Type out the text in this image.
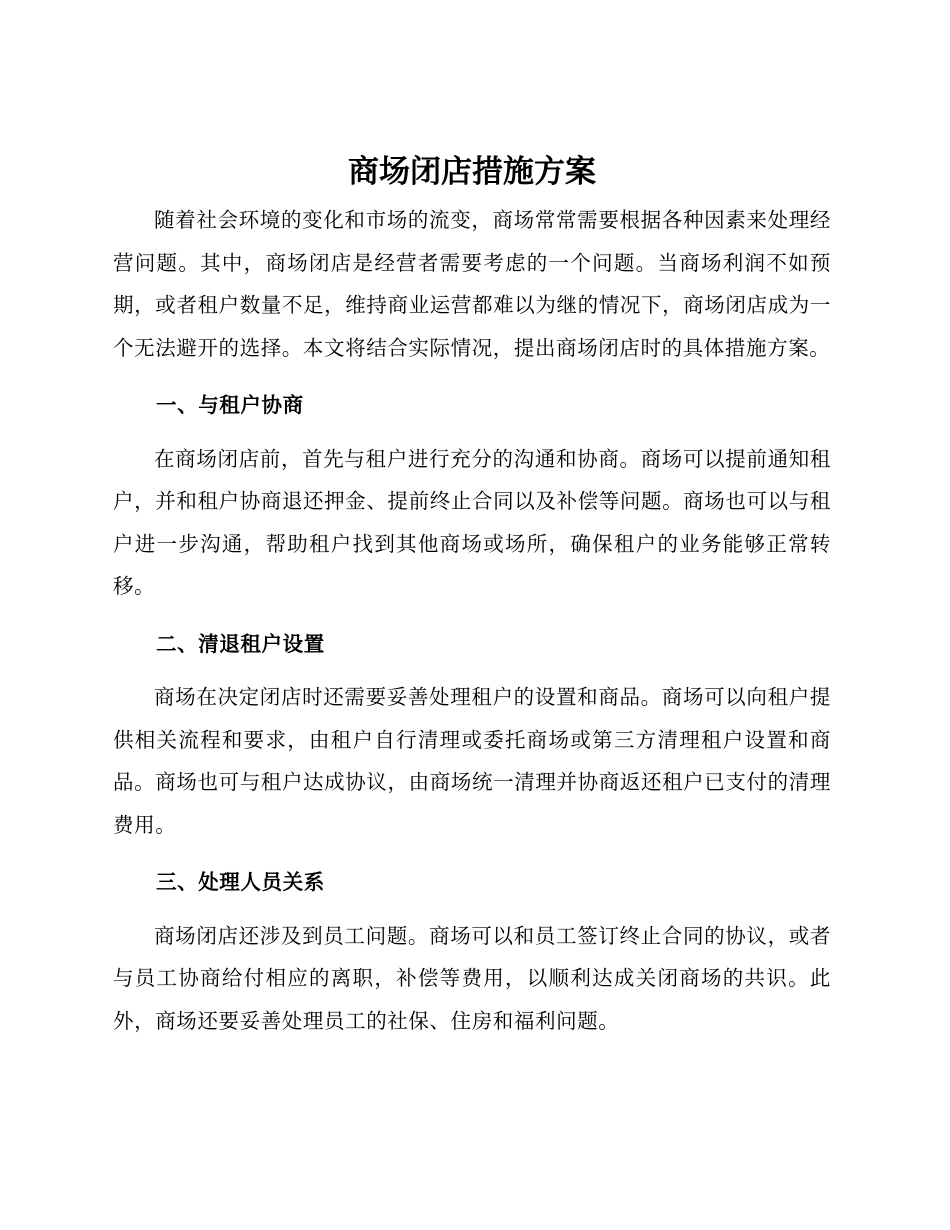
商场闭店措施方案

随着社会环境的变化和市场的流变，商场常常需要根据各种因素来处理经营问题。其中，商场闭店是经营者需要考虑的一个问题。当商场利润不如预期，或者租户数量不足，维持商业运营都难以为继的情况下，商场闭店成为一个无法避开的选择。本文将结合实际情况，提出商场闭店时的具体措施方案。

一、与租户协商

在商场闭店前，首先与租户进行充分的沟通和协商。商场可以提前通知租户，并和租户协商退还押金、提前终止合同以及补偿等问题。商场也可以与租户进一步沟通，帮助租户找到其他商场或场所，确保租户的业务能够正常转移。

二、清退租户设置

商场在决定闭店时还需要妥善处理租户的设置和商品。商场可以向租户提供相关流程和要求，由租户自行清理或委托商场或第三方清理租户设置和商品。商场也可与租户达成协议，由商场统一清理并协商返还租户已支付的清理费用。

三、处理人员关系

商场闭店还涉及到员工问题。商场可以和员工签订终止合同的协议，或者与员工协商给付相应的离职，补偿等费用，以顺利达成关闭商场的共识。此外，商场还要妥善处理员工的社保、住房和福利问题。
